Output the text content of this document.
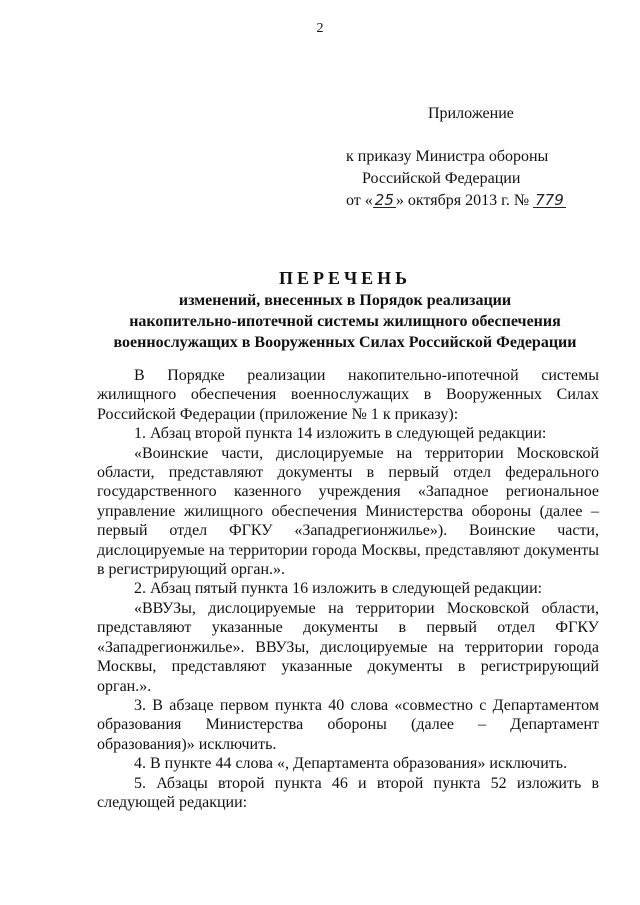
2
Приложение
к приказу Министра обороны
Российской Федерации
от « 25 » октября 2013 г. № 779
ПЕРЕЧЕНЬ
изменений, внесенных в Порядок реализации
накопительно-ипотечной системы жилищного обеспечения
военнослужащих в Вооруженных Силах Российской Федерации

В Порядке реализации накопительно-ипотечной системы жилищного обеспечения военнослужащих в Вооруженных Силах Российской Федерации (приложение № 1 к приказу):

1. Абзац второй пункта 14 изложить в следующей редакции:

«Воинские части, дислоцируемые на территории Московской области, представляют документы в первый отдел федерального государственного казенного учреждения «Западное региональное управление жилищного обеспечения Министерства обороны (далее – первый отдел ФГКУ «Западрегионжилье»). Воинские части, дислоцируемые на территории города Москвы, представляют документы в регистрирующий орган.».

2. Абзац пятый пункта 16 изложить в следующей редакции:

«ВВУЗы, дислоцируемые на территории Московской области, представляют указанные документы в первый отдел ФГКУ «Западрегионжилье». ВВУЗы, дислоцируемые на территории города Москвы, представляют указанные документы в регистрирующий орган.».

3. В абзаце первом пункта 40 слова «совместно с Департаментом образования Министерства обороны (далее – Департамент образования)» исключить.

4. В пункте 44 слова «, Департамента образования» исключить.

5. Абзацы второй пункта 46 и второй пункта 52 изложить в следующей редакции:
